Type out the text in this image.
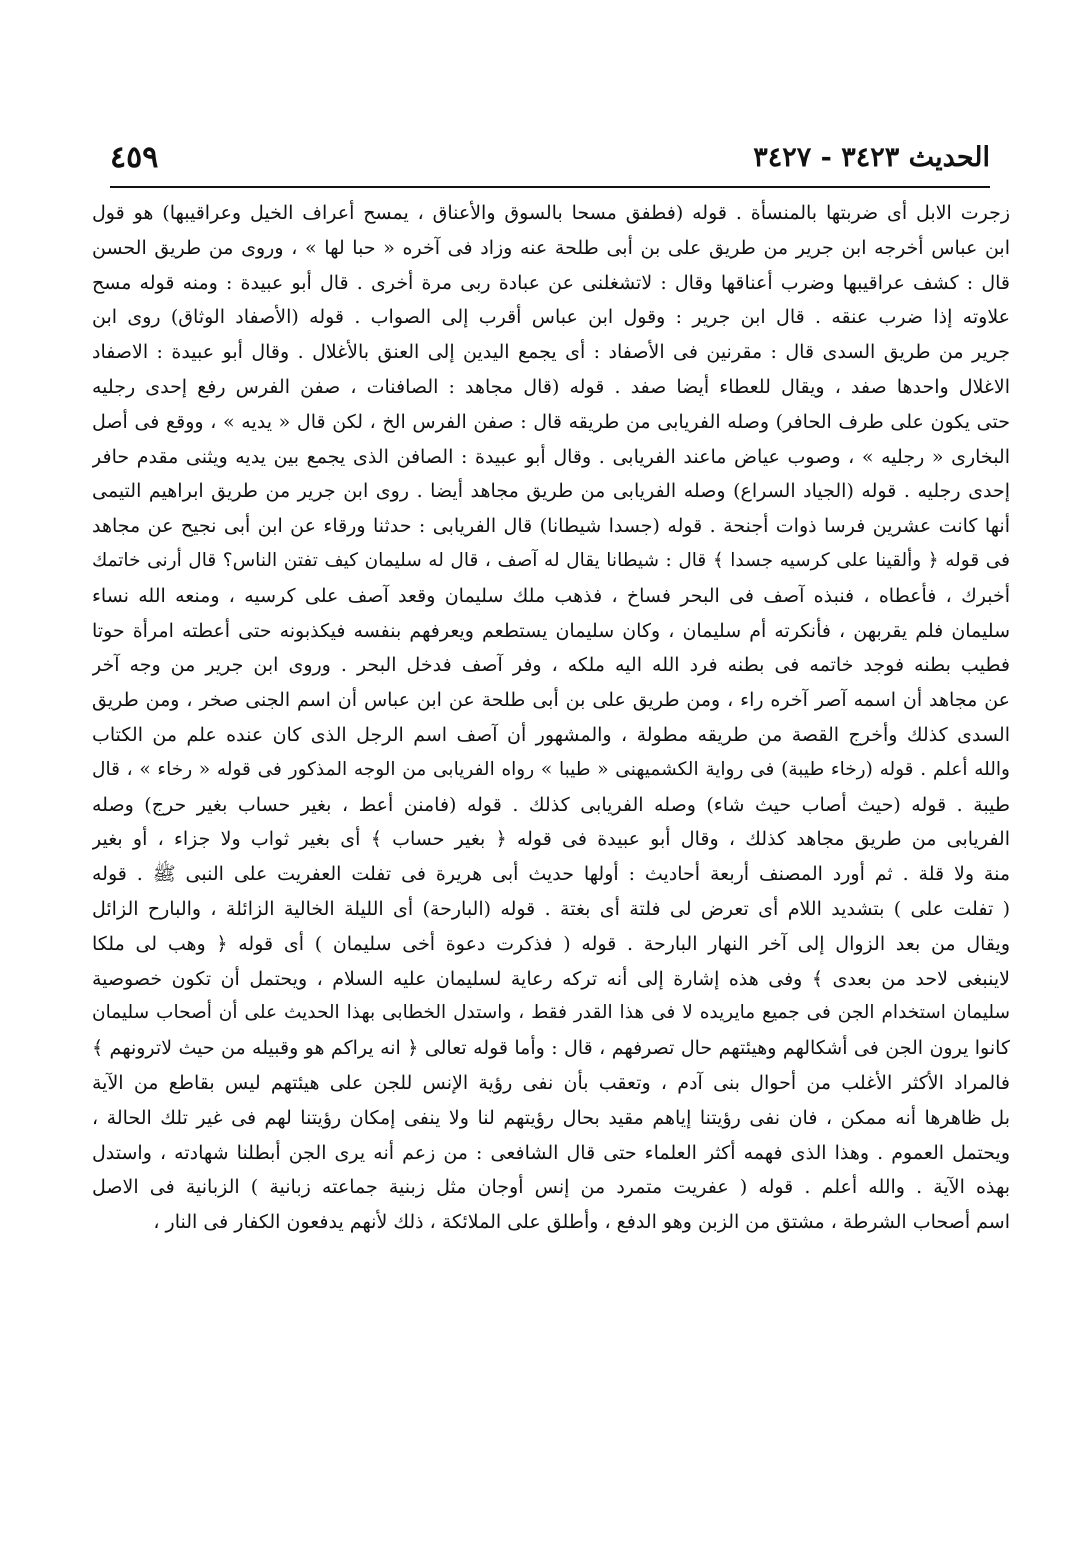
الحديث ٣٤٢٣ - ٣٤٢٧
٤٥٩
زجرت الابل أى ضربتها بالمنسأة . قوله (فطفق مسحا بالسوق والأعناق ، يمسح أعراف الخيل وعراقيبها) هو قول
ابن عباس أخرجه ابن جرير من طريق على بن أبى طلحة عنه وزاد فى آخره « حبا لها » ، وروى من طريق الحسن
قال : كشف عراقيبها وضرب أعناقها وقال : لاتشغلنى عن عبادة ربى مرة أخرى . قال أبو عبيدة : ومنه قوله مسح
علاوته إذا ضرب عنقه . قال ابن جرير : وقول ابن عباس أقرب إلى الصواب . قوله (الأصفاد الوثاق) روى ابن
جرير من طريق السدى قال : مقرنين فى الأصفاد : أى يجمع اليدين إلى العنق بالأغلال . وقال أبو عبيدة : الاصفاد
الاغلال واحدها صفد ، ويقال للعطاء أيضا صفد . قوله (قال مجاهد : الصافنات ، صفن الفرس رفع إحدى رجليه
حتى يكون على طرف الحافر) وصله الفريابى من طريقه قال : صفن الفرس الخ ، لكن قال « يديه » ، ووقع فى أصل
البخارى « رجليه » ، وصوب عياض ماعند الفريابى . وقال أبو عبيدة : الصافن الذى يجمع بين يديه ويثنى مقدم حافر
إحدى رجليه . قوله (الجياد السراع) وصله الفريابى من طريق مجاهد أيضا . روى ابن جرير من طريق ابراهيم التيمى
أنها كانت عشرين فرسا ذوات أجنحة . قوله (جسدا شيطانا) قال الفريابى : حدثنا ورقاء عن ابن أبى نجيح عن مجاهد
فى قوله ﴿ وألقينا على كرسيه جسدا ﴾ قال : شيطانا يقال له آصف ، قال له سليمان كيف تفتن الناس؟ قال أرنى خاتمك
أخبرك ، فأعطاه ، فنبذه آصف فى البحر فساخ ، فذهب ملك سليمان وقعد آصف على كرسيه ، ومنعه الله نساء
سليمان فلم يقربهن ، فأنكرته أم سليمان ، وكان سليمان يستطعم ويعرفهم بنفسه فيكذبونه حتى أعطته امرأة حوتا
فطيب بطنه فوجد خاتمه فى بطنه فرد الله اليه ملكه ، وفر آصف فدخل البحر . وروى ابن جرير من وجه آخر
عن مجاهد أن اسمه آصر آخره راء ، ومن طريق على بن أبى طلحة عن ابن عباس أن اسم الجنى صخر ، ومن طريق
السدى كذلك وأخرج القصة من طريقه مطولة ، والمشهور أن آصف اسم الرجل الذى كان عنده علم من الكتاب
والله أعلم . قوله (رخاء طيبة) فى رواية الكشميهنى « طيبا » رواه الفريابى من الوجه المذكور فى قوله « رخاء » ، قال
طيبة . قوله (حيث أصاب حيث شاء) وصله الفريابى كذلك . قوله (فامنن أعط ، بغير حساب بغير حرج) وصله
الفريابى من طريق مجاهد كذلك ، وقال أبو عبيدة فى قوله ﴿ بغير حساب ﴾ أى بغير ثواب ولا جزاء ، أو بغير
منة ولا قلة . ثم أورد المصنف أربعة أحاديث : أولها حديث أبى هريرة فى تفلت العفريت على النبى ﷺ . قوله
( تفلت على ) بتشديد اللام أى تعرض لى فلتة أى بغتة . قوله (البارحة) أى الليلة الخالية الزائلة ، والبارح الزائل
ويقال من بعد الزوال إلى آخر النهار البارحة . قوله ( فذكرت دعوة أخى سليمان ) أى قوله ﴿ وهب لى ملكا
لاينبغى لاحد من بعدى ﴾ وفى هذه إشارة إلى أنه تركه رعاية لسليمان عليه السلام ، ويحتمل أن تكون خصوصية
سليمان استخدام الجن فى جميع مايريده لا فى هذا القدر فقط ، واستدل الخطابى بهذا الحديث على أن أصحاب سليمان
كانوا يرون الجن فى أشكالهم وهيئتهم حال تصرفهم ، قال : وأما قوله تعالى ﴿ انه يراكم هو وقبيله من حيث لاترونهم ﴾
فالمراد الأكثر الأغلب من أحوال بنى آدم ، وتعقب بأن نفى رؤية الإنس للجن على هيئتهم ليس بقاطع من الآية
بل ظاهرها أنه ممكن ، فان نفى رؤيتنا إياهم مقيد بحال رؤيتهم لنا ولا ينفى إمكان رؤيتنا لهم فى غير تلك الحالة ،
ويحتمل العموم . وهذا الذى فهمه أكثر العلماء حتى قال الشافعى : من زعم أنه يرى الجن أبطلنا شهادته ، واستدل
بهذه الآية . والله أعلم . قوله ( عفريت متمرد من إنس أوجان مثل زبنية جماعته زبانية ) الزبانية فى الاصل
اسم أصحاب الشرطة ، مشتق من الزبن وهو الدفع ، وأطلق على الملائكة ، ذلك لأنهم يدفعون الكفار فى النار ،
